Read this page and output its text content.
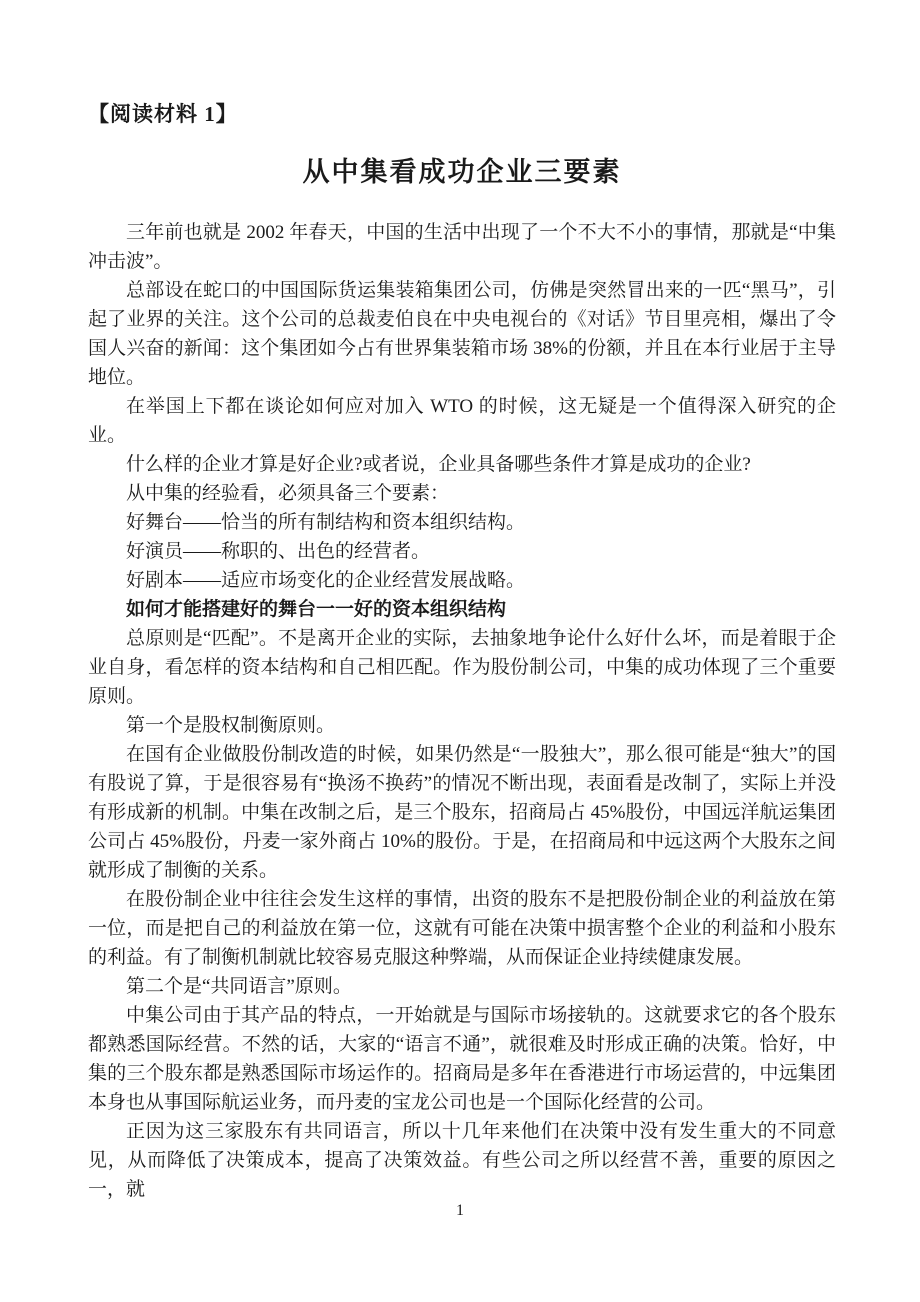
【阅读材料 1】
从中集看成功企业三要素

三年前也就是 2002 年春天，中国的生活中出现了一个不大不小的事情，那就是“中集冲击波”。

总部设在蛇口的中国国际货运集装箱集团公司，仿佛是突然冒出来的一匹“黑马”，引起了业界的关注。这个公司的总裁麦伯良在中央电视台的《对话》节目里亮相，爆出了令国人兴奋的新闻：这个集团如今占有世界集装箱市场 38%的份额，并且在本行业居于主导地位。

在举国上下都在谈论如何应对加入 WTO 的时候，这无疑是一个值得深入研究的企业。

什么样的企业才算是好企业?或者说，企业具备哪些条件才算是成功的企业?

从中集的经验看，必须具备三个要素：

好舞台——恰当的所有制结构和资本组织结构。

好演员——称职的、出色的经营者。

好剧本——适应市场变化的企业经营发展战略。

如何才能搭建好的舞台一一好的资本组织结构

总原则是“匹配”。不是离开企业的实际，去抽象地争论什么好什么坏，而是着眼于企业自身，看怎样的资本结构和自己相匹配。作为股份制公司，中集的成功体现了三个重要原则。

第一个是股权制衡原则。

在国有企业做股份制改造的时候，如果仍然是“一股独大”，那么很可能是“独大”的国有股说了算，于是很容易有“换汤不换药”的情况不断出现，表面看是改制了，实际上并没有形成新的机制。中集在改制之后，是三个股东，招商局占 45%股份，中国远洋航运集团公司占 45%股份，丹麦一家外商占 10%的股份。于是，在招商局和中远这两个大股东之间就形成了制衡的关系。

在股份制企业中往往会发生这样的事情，出资的股东不是把股份制企业的利益放在第一位，而是把自己的利益放在第一位，这就有可能在决策中损害整个企业的利益和小股东的利益。有了制衡机制就比较容易克服这种弊端，从而保证企业持续健康发展。

第二个是“共同语言”原则。

中集公司由于其产品的特点，一开始就是与国际市场接轨的。这就要求它的各个股东都熟悉国际经营。不然的话，大家的“语言不通”，就很难及时形成正确的决策。恰好，中集的三个股东都是熟悉国际市场运作的。招商局是多年在香港进行市场运营的，中远集团本身也从事国际航运业务，而丹麦的宝龙公司也是一个国际化经营的公司。

正因为这三家股东有共同语言，所以十几年来他们在决策中没有发生重大的不同意见，从而降低了决策成本，提高了决策效益。有些公司之所以经营不善，重要的原因之一，就

1
